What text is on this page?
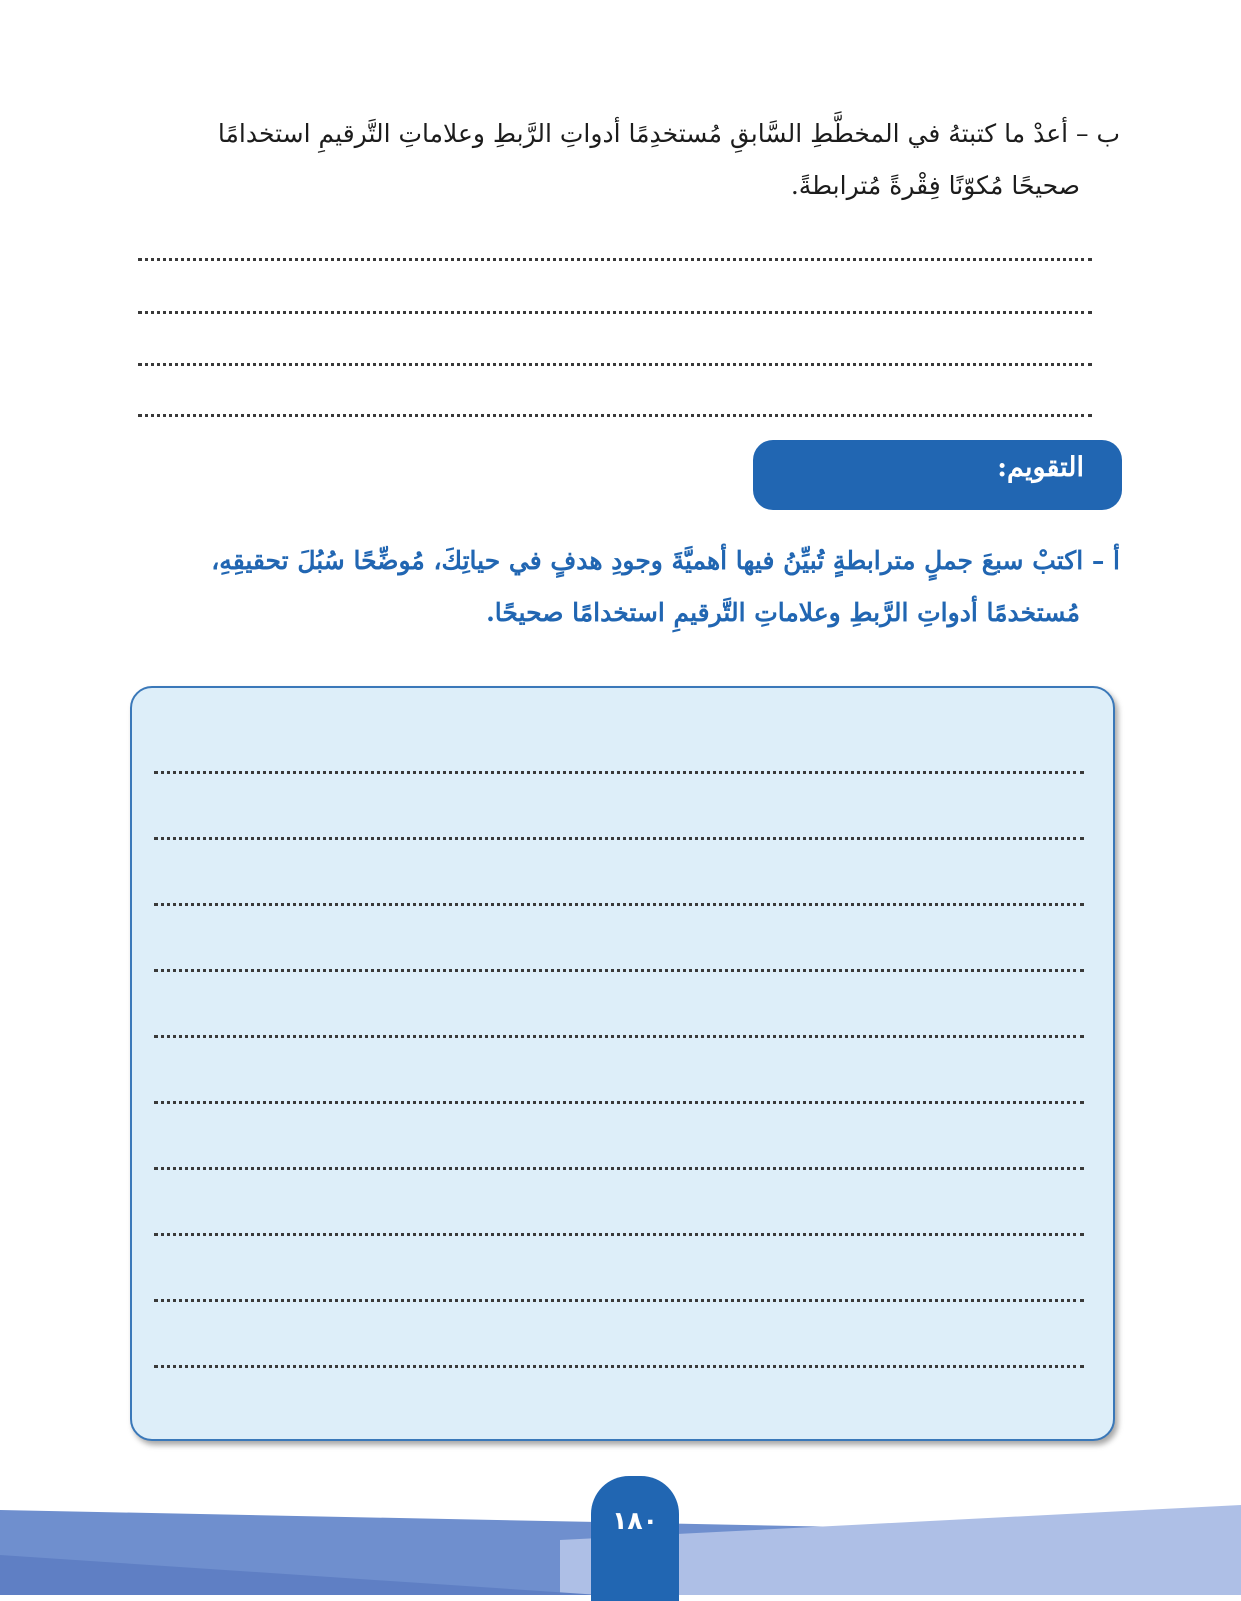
ب – أعدْ ما كتبتهُ في المخطَّطِ السَّابقِ مُستخدِمًا أدواتِ الرَّبطِ وعلاماتِ التَّرقيمِ استخدامًا
صحيحًا مُكوّنًا فِقْرةً مُترابطةً.
التقويم:
أ – اكتبْ سبعَ جملٍ مترابطةٍ تُبيِّنُ فيها أهميَّةَ وجودِ هدفٍ في حياتِكَ، مُوضِّحًا سُبُلَ تحقيقِهِ،
مُستخدمًا أدواتِ الرَّبطِ وعلاماتِ التَّرقيمِ استخدامًا صحيحًا.
١٨٠
